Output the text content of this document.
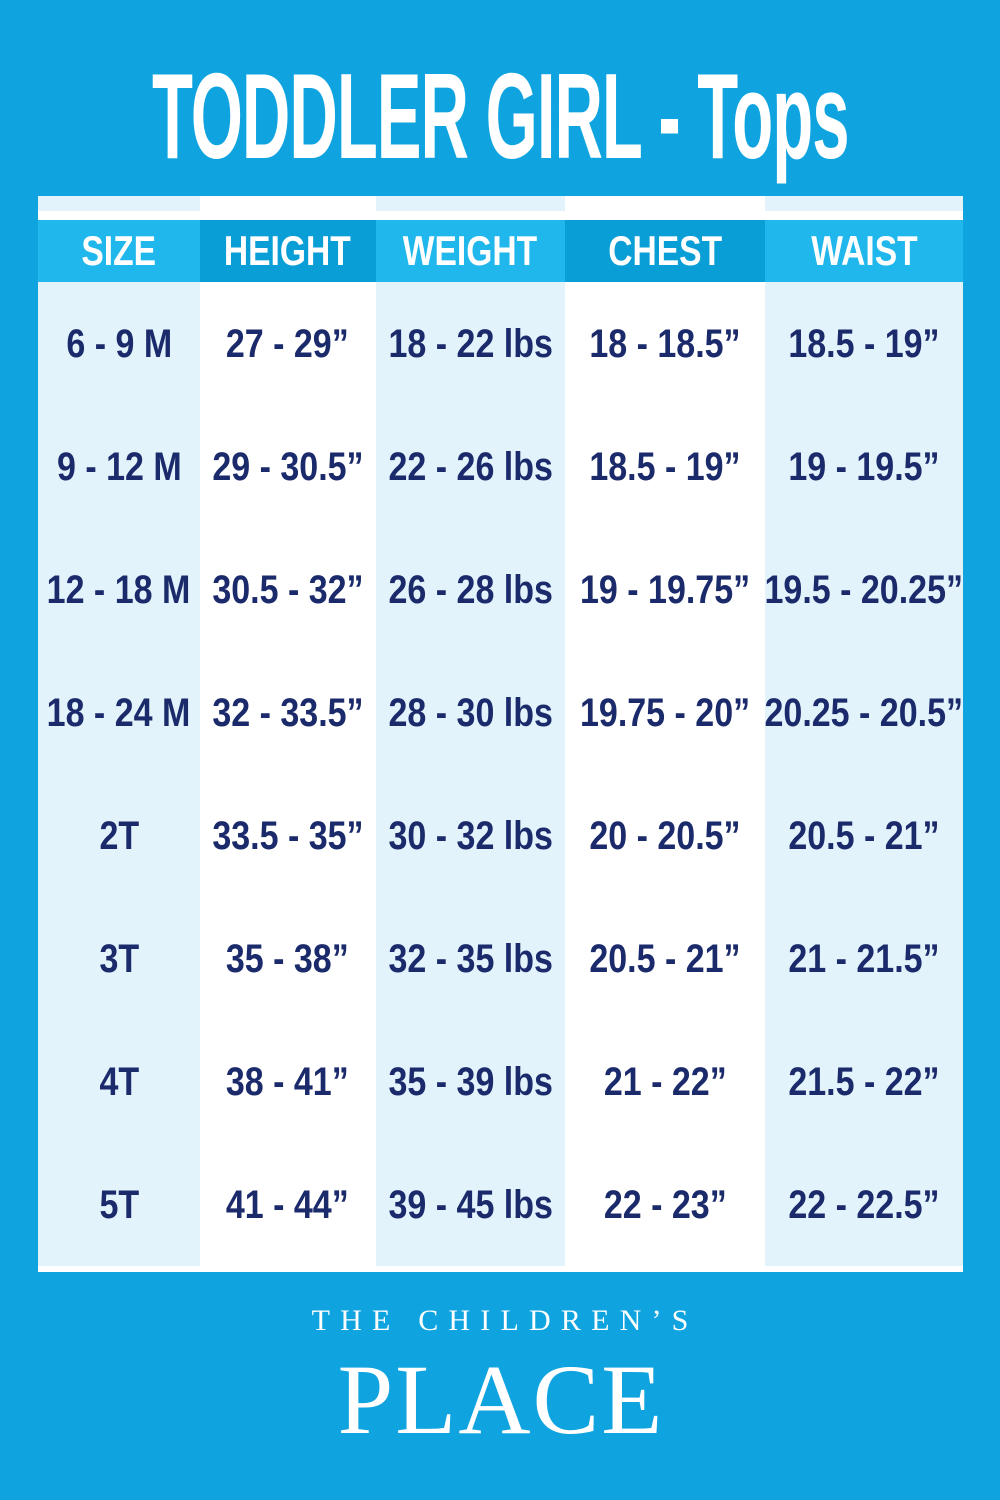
TODDLER GIRL - Tops
SIZE HEIGHT WEIGHT CHEST WAIST
6 - 9 M 27 - 29” 18 - 22 lbs 18 - 18.5” 18.5 - 19”
9 - 12 M 29 - 30.5” 22 - 26 lbs 18.5 - 19” 19 - 19.5”
12 - 18 M 30.5 - 32” 26 - 28 lbs 19 - 19.75” 19.5 - 20.25”
18 - 24 M 32 - 33.5” 28 - 30 lbs 19.75 - 20” 20.25 - 20.5”
2T 33.5 - 35” 30 - 32 lbs 20 - 20.5” 20.5 - 21”
3T 35 - 38” 32 - 35 lbs 20.5 - 21” 21 - 21.5”
4T 38 - 41” 35 - 39 lbs 21 - 22” 21.5 - 22”
5T 41 - 44” 39 - 45 lbs 22 - 23” 22 - 22.5”
THE CHILDREN’S
PLACE
